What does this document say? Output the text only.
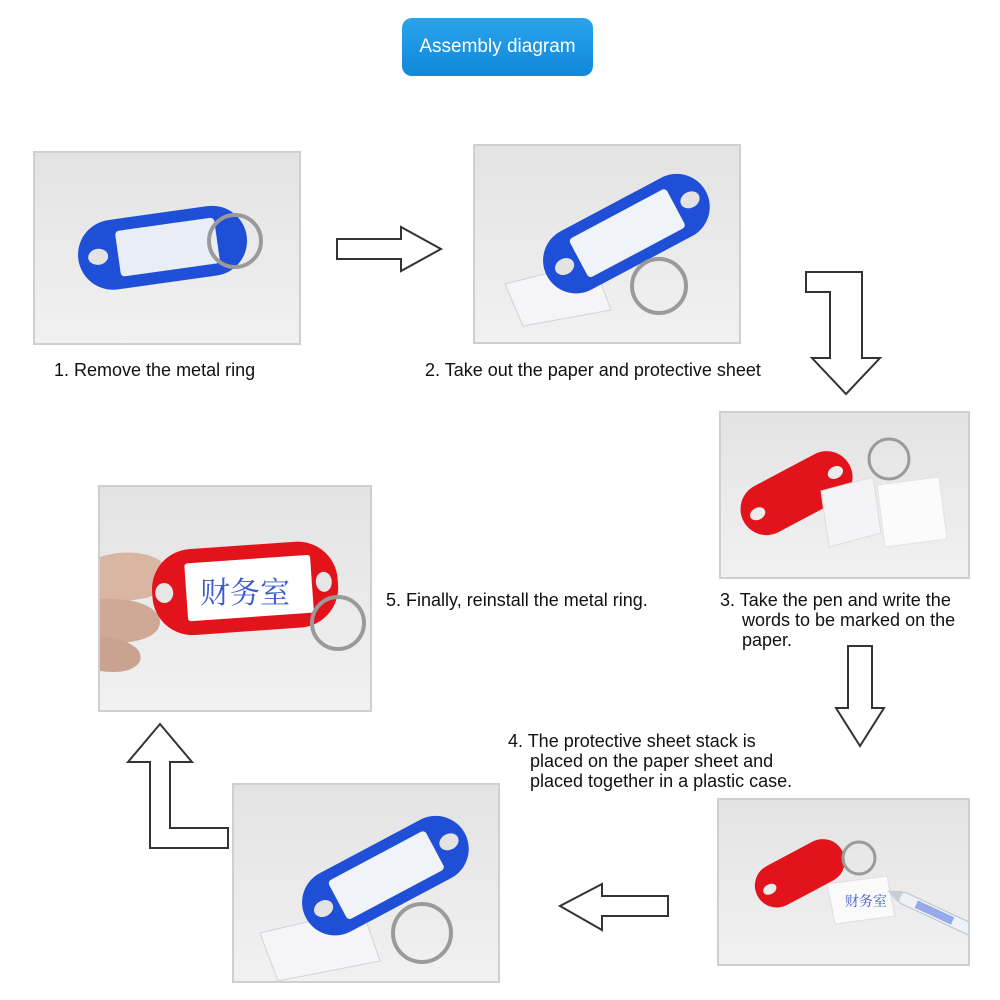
Assembly diagram
1. Remove the metal ring	2. Take out the paper and protective sheet
3. Take the pen and write the
words to be marked on the
paper.
财务室
4. The protective sheet stack is
placed on the paper sheet and
placed together in a plastic case.
财务室	5. Finally, reinstall the metal ring.
